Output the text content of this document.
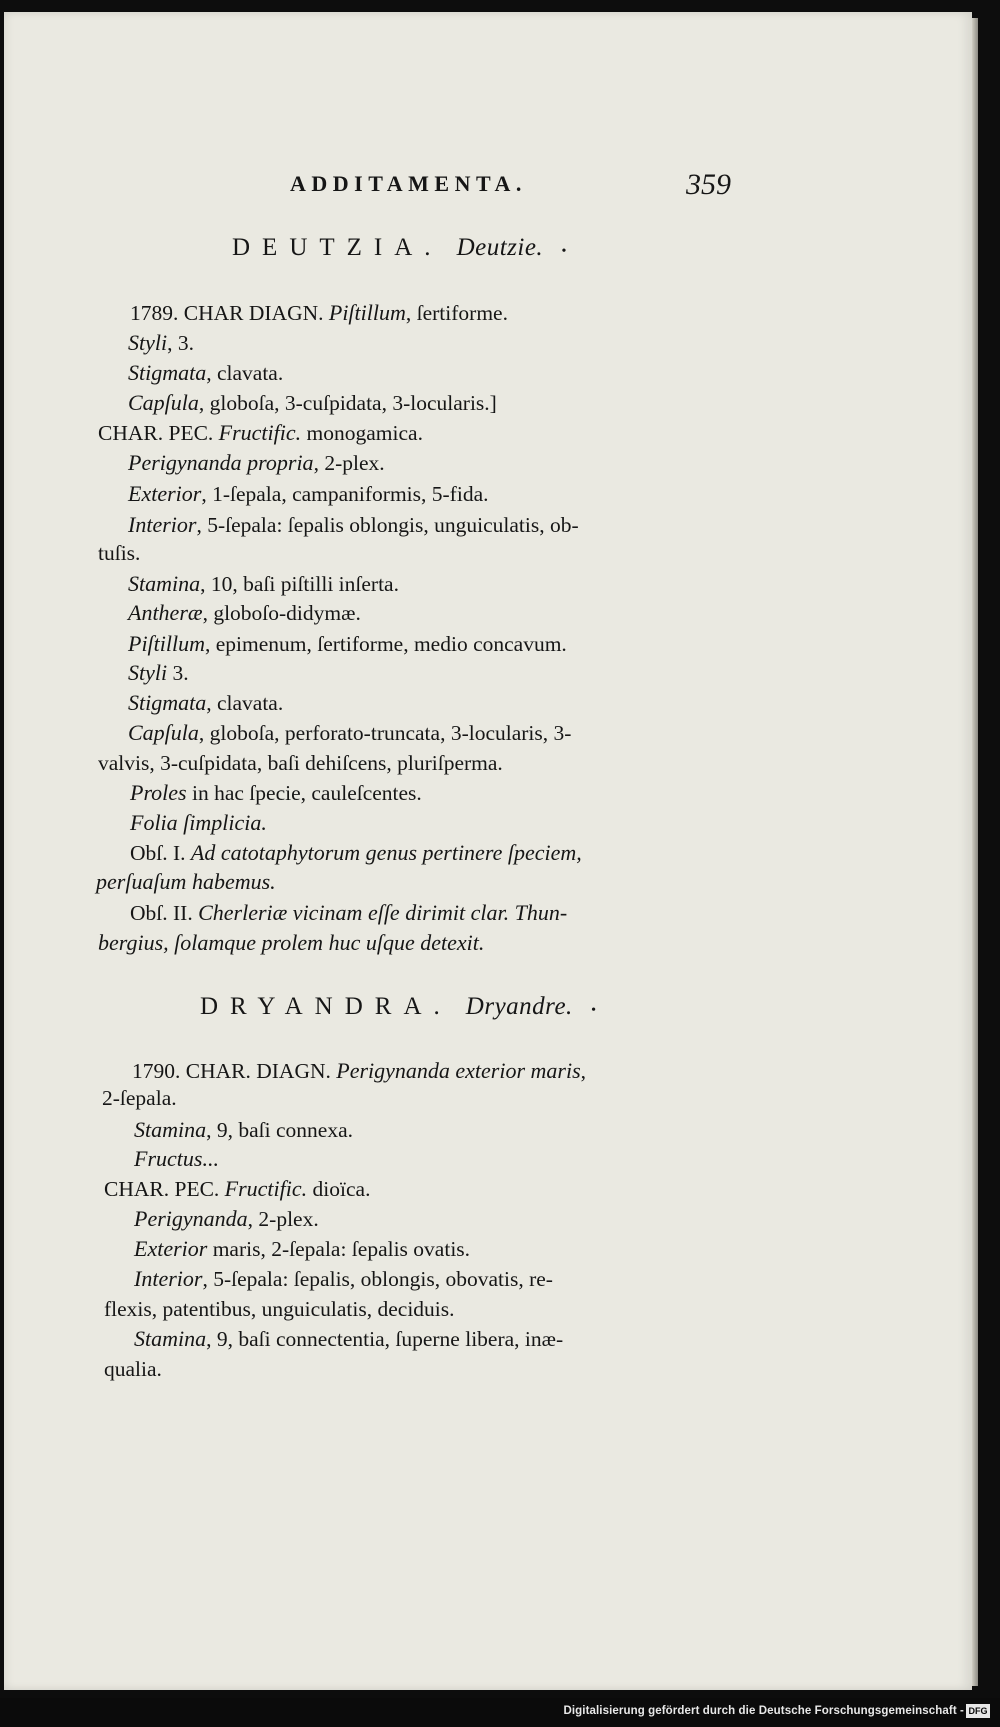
ADDITAMENTA.	359
DEUTZIA. Deutzie. •
1789. CHAR DIAGN. Piſtillum, ſertiforme.
Styli, 3.
Stigmata, clavata.
Capſula, globoſa, 3-cuſpidata, 3-locularis.]
CHAR. PEC. Fructific. monogamica.
Perigynanda propria, 2-plex.
Exterior, 1-ſepala, campaniformis, 5-fida.
Interior, 5-ſepala: ſepalis oblongis, unguiculatis, ob-
tuſis.
Stamina, 10, baſi piſtilli inſerta.
Antheræ, globoſo-didymæ.
Piſtillum, epimenum, ſertiforme, medio concavum.
Styli 3.
Stigmata, clavata.
Capſula, globoſa, perforato-truncata, 3-locularis, 3-
valvis, 3-cuſpidata, baſi dehiſcens, pluriſperma.
Proles in hac ſpecie, cauleſcentes.
Folia ſimplicia.
Obſ. I. Ad catotaphytorum genus pertinere ſpeciem,
perſuaſum habemus.
Obſ. II. Cherleriæ vicinam eſſe dirimit clar. Thun-
bergius, ſolamque prolem huc uſque detexit.
DRYANDRA. Dryandre. •
1790. CHAR. DIAGN. Perigynanda exterior maris,
2-ſepala.
Stamina, 9, baſi connexa.
Fructus...
CHAR. PEC. Fructific. dioïca.
Perigynanda, 2-plex.
Exterior maris, 2-ſepala: ſepalis ovatis.
Interior, 5-ſepala: ſepalis, oblongis, obovatis, re-
flexis, patentibus, unguiculatis, deciduis.
Stamina, 9, baſi connectentia, ſuperne libera, inæ-
qualia.
Digitalisierung gefördert durch die Deutsche Forschungsgemeinschaft - DFG
